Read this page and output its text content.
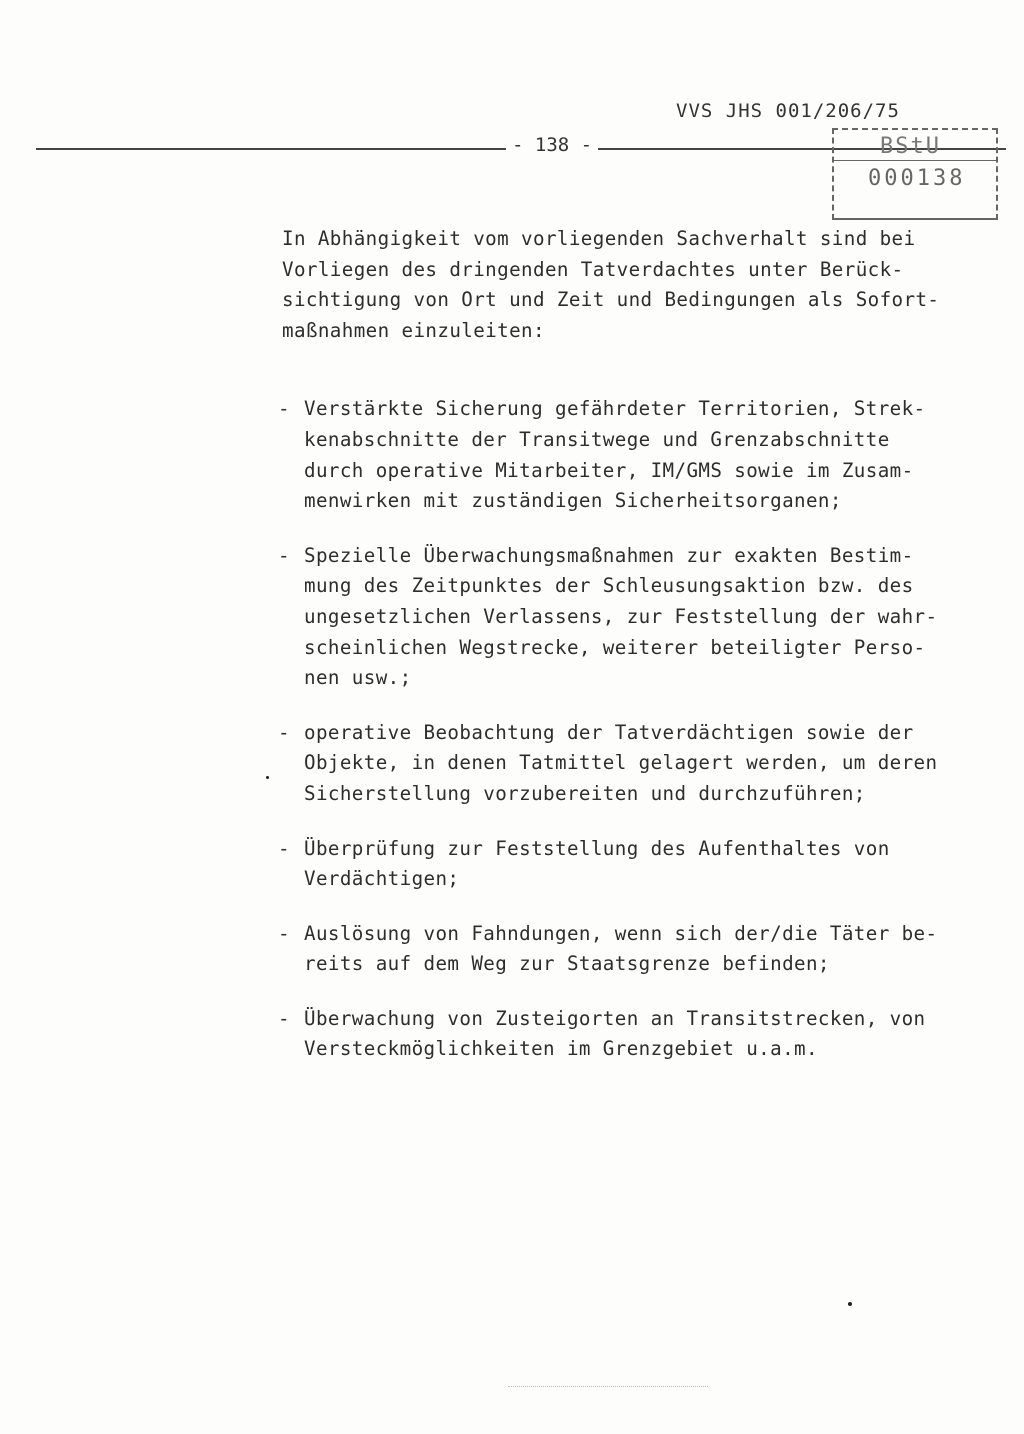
VVS JHS 001/206/75
- 138 -	BStU
000138

In Abhängigkeit vom vorliegenden Sachverhalt sind bei
Vorliegen des dringenden Tatverdachtes unter Berück-
sichtigung von Ort und Zeit und Bedingungen als Sofort-
maßnahmen einzuleiten:

- Verstärkte Sicherung gefährdeter Territorien, Strek-
kenabschnitte der Transitwege und Grenzabschnitte
durch operative Mitarbeiter, IM/GMS sowie im Zusam-
menwirken mit zuständigen Sicherheitsorganen;
- Spezielle Überwachungsmaßnahmen zur exakten Bestim-
mung des Zeitpunktes der Schleusungsaktion bzw. des
ungesetzlichen Verlassens, zur Feststellung der wahr-
scheinlichen Wegstrecke, weiterer beteiligter Perso-
nen usw.;
- operative Beobachtung der Tatverdächtigen sowie der
Objekte, in denen Tatmittel gelagert werden, um deren
Sicherstellung vorzubereiten und durchzuführen;
- Überprüfung zur Feststellung des Aufenthaltes von
Verdächtigen;
- Auslösung von Fahndungen, wenn sich der/die Täter be-
reits auf dem Weg zur Staatsgrenze befinden;
- Überwachung von Zusteigorten an Transitstrecken, von
Versteckmöglichkeiten im Grenzgebiet u.a.m.
